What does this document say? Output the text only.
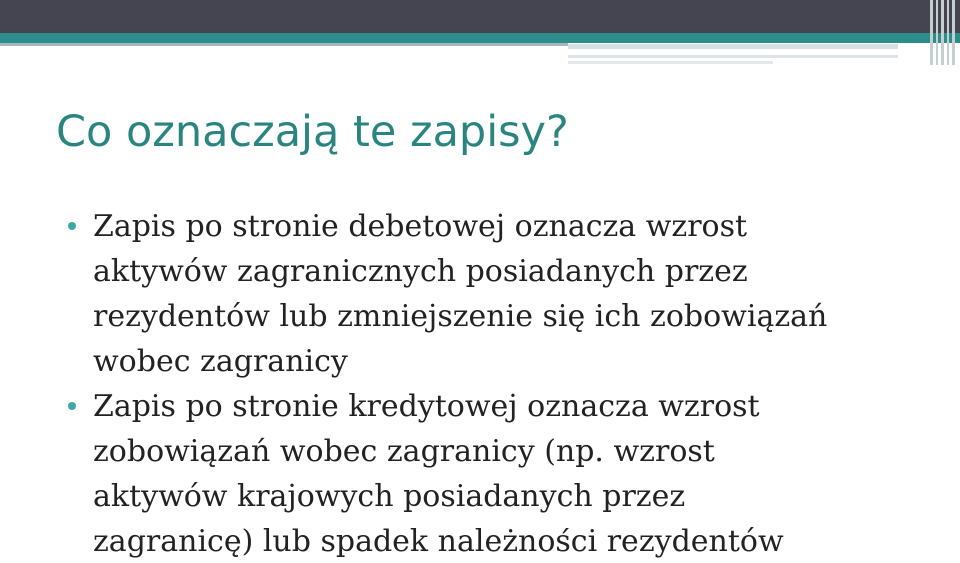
Co oznaczają te zapisy?
Zapis po stronie debetowej oznacza wzrost
aktywów zagranicznych posiadanych przez
rezydentów lub zmniejszenie się ich zobowiązań
wobec zagranicy
Zapis po stronie kredytowej oznacza wzrost
zobowiązań wobec zagranicy (np. wzrost
aktywów krajowych posiadanych przez
zagranicę) lub spadek należności rezydentów
